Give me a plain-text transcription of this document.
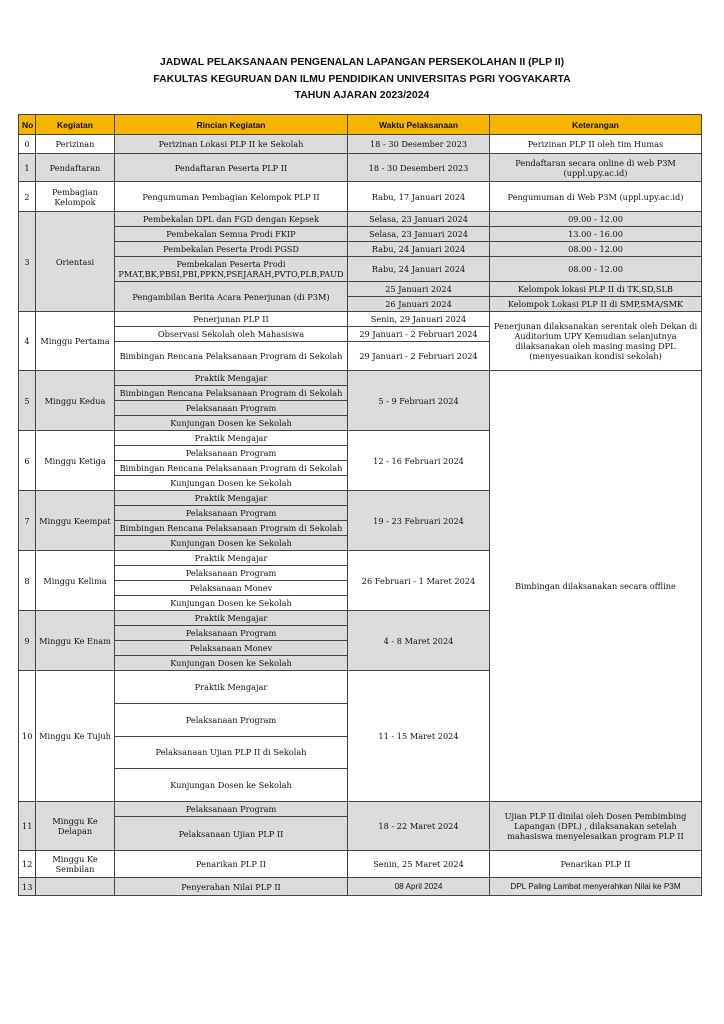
JADWAL PELAKSANAAN PENGENALAN LAPANGAN PERSEKOLAHAN II (PLP II)
FAKULTAS KEGURUAN DAN ILMU PENDIDIKAN UNIVERSITAS PGRI YOGYAKARTA
TAHUN AJARAN 2023/2024
No	Kegiatan	Rincian Kegiatan	Waktu Pelaksanaan	Keterangan	
0	Perizinan	Perizinan Lokasi PLP II ke Sekolah	18 - 30 Desember 2023	Perizinan PLP II oleh tim Humas	
1	Pendaftaran	Pendaftaran Peserta PLP II	18 - 30 Desemberi 2023	Pendaftaran secara online di web P3M (uppl.upy.ac.id)	
2	Pembagian Kelompok	Pengumuman Pembagian Kelompok PLP II	Rabu, 17 Januari 2024	Pengumuman di Web P3M (uppl.upy.ac.id)	
3	Orientasi	Pembekalan DPL dan FGD dengan Kepsek	Selasa, 23 Januari 2024	09.00 - 12.00	
		Pembekalan Semua Prodi FKIP	Selasa, 23 Januari 2024	13.00 - 16.00	
		Pembekalan Peserta Prodi PGSD	Rabu, 24 Januari 2024	08.00 - 12.00	
		Pembekalan Peserta Prodi PMAT,BK,PBSI,PBI,PPKN,PSEJARAH,PVTO,PLB,PAUD	Rabu, 24 Januari 2024	08.00 - 12.00	
		Pengambilan Berita Acara Penerjunan (di P3M)	25 Januari 2024	Kelompok lokasi PLP II di TK,SD,SLB	
			26 Januari 2024	Kelompok Lokasi PLP II di SMP,SMA/SMK	
4	Minggu Pertama	Penerjunan PLP II	Senin, 29 Januari 2024	Penerjunan dilaksanakan serentak oleh Dekan di Auditorium UPY Kemudian selanjutnya dilaksanakan oleh masing masing DPL (menyesuaikan kondisi sekolah)	
		Observasi Sekolah oleh Mahasiswa	29 Januari - 2 Februari 2024		
		Bimbingan Rencana Pelaksanaan Program di Sekolah	29 Januari - 2 Februari 2024		
5	Minggu Kedua	Praktik Mengajar	5 - 9 Februari 2024	Bimbingan dilaksanakan secara offline	
		Bimbingan Rencana Pelaksanaan Program di Sekolah			
		Pelaksanaan Program			
		Kunjungan Dosen ke Sekolah			
6	Minggu Ketiga	Praktik Mengajar	12 - 16 Februari 2024		
		Pelaksanaan Program			
		Bimbingan Rencana Pelaksanaan Program di Sekolah			
		Kunjungan Dosen ke Sekolah			
7	Minggu Keempat	Praktik Mengajar	19 - 23 Februari 2024		
		Pelaksanaan Program			
		Bimbingan Rencana Pelaksanaan Program di Sekolah			
		Kunjungan Dosen ke Sekolah			
8	Minggu Kelima	Praktik Mengajar	26 Februari - 1 Maret 2024		
		Pelaksanaan Program			
		Pelaksanaan Monev			
		Kunjungan Dosen ke Sekolah			
9	Minggu Ke Enam	Praktik Mengajar	4 - 8 Maret 2024		
		Pelaksanaan Program			
		Pelaksanaan Monev			
		Kunjungan Dosen ke Sekolah			
10	Minggu Ke Tujuh	Praktik Mengajar	11 - 15 Maret 2024	
		Pelaksanaan Program			
		Pelaksanaan Ujian PLP II di Sekolah			
		Kunjungan Dosen ke Sekolah			
11	Minggu Ke Delapan	Pelaksanaan Program	18 - 22 Maret 2024	Ujian PLP II dinilai oleh Dosen Pembimbing Lapangan (DPL) , dilaksanakan setelah mahasiswa menyelesaikan program PLP II	
		Pelaksanaan Ujian PLP II			
12	Minggu Ke Sembilan	Penarikan PLP II	Senin, 25 Maret 2024	Penarikan PLP II	
13		Penyerahan Nilai PLP II	08 April 2024	DPL Paling Lambat menyerahkan Nilai ke P3M	
